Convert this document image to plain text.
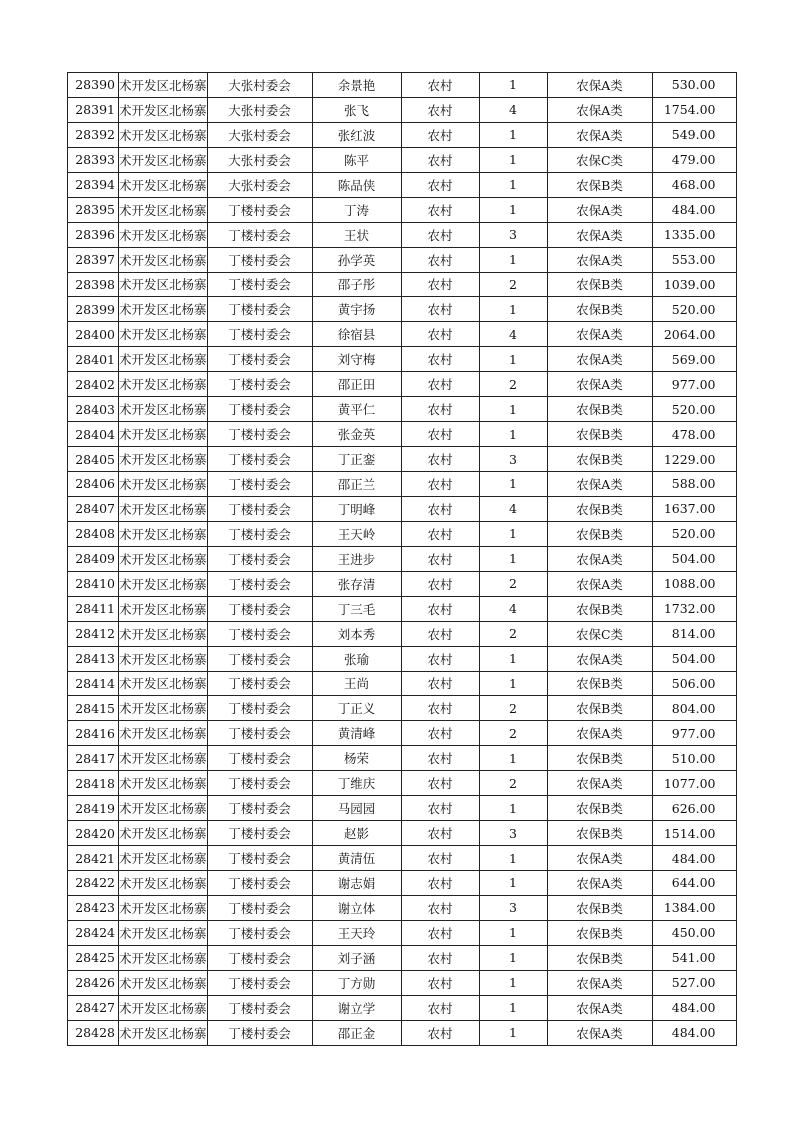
28390	术开发区北杨寨	大张村委会	余景艳	农村	1	农保A类	530.00
28391	术开发区北杨寨	大张村委会	张飞	农村	4	农保A类	1754.00
28392	术开发区北杨寨	大张村委会	张红波	农村	1	农保A类	549.00
28393	术开发区北杨寨	大张村委会	陈平	农村	1	农保C类	479.00
28394	术开发区北杨寨	大张村委会	陈品侠	农村	1	农保B类	468.00
28395	术开发区北杨寨	丁楼村委会	丁涛	农村	1	农保A类	484.00
28396	术开发区北杨寨	丁楼村委会	王状	农村	3	农保A类	1335.00
28397	术开发区北杨寨	丁楼村委会	孙学英	农村	1	农保A类	553.00
28398	术开发区北杨寨	丁楼村委会	邵子彤	农村	2	农保B类	1039.00
28399	术开发区北杨寨	丁楼村委会	黄宇扬	农村	1	农保B类	520.00
28400	术开发区北杨寨	丁楼村委会	徐宿县	农村	4	农保A类	2064.00
28401	术开发区北杨寨	丁楼村委会	刘守梅	农村	1	农保A类	569.00
28402	术开发区北杨寨	丁楼村委会	邵正田	农村	2	农保A类	977.00
28403	术开发区北杨寨	丁楼村委会	黄平仁	农村	1	农保B类	520.00
28404	术开发区北杨寨	丁楼村委会	张金英	农村	1	农保B类	478.00
28405	术开发区北杨寨	丁楼村委会	丁正銮	农村	3	农保B类	1229.00
28406	术开发区北杨寨	丁楼村委会	邵正兰	农村	1	农保A类	588.00
28407	术开发区北杨寨	丁楼村委会	丁明峰	农村	4	农保B类	1637.00
28408	术开发区北杨寨	丁楼村委会	王天岭	农村	1	农保B类	520.00
28409	术开发区北杨寨	丁楼村委会	王进步	农村	1	农保A类	504.00
28410	术开发区北杨寨	丁楼村委会	张存清	农村	2	农保A类	1088.00
28411	术开发区北杨寨	丁楼村委会	丁三毛	农村	4	农保B类	1732.00
28412	术开发区北杨寨	丁楼村委会	刘本秀	农村	2	农保C类	814.00
28413	术开发区北杨寨	丁楼村委会	张瑜	农村	1	农保A类	504.00
28414	术开发区北杨寨	丁楼村委会	王尚	农村	1	农保B类	506.00
28415	术开发区北杨寨	丁楼村委会	丁正义	农村	2	农保B类	804.00
28416	术开发区北杨寨	丁楼村委会	黄清峰	农村	2	农保A类	977.00
28417	术开发区北杨寨	丁楼村委会	杨荣	农村	1	农保B类	510.00
28418	术开发区北杨寨	丁楼村委会	丁维庆	农村	2	农保A类	1077.00
28419	术开发区北杨寨	丁楼村委会	马园园	农村	1	农保B类	626.00
28420	术开发区北杨寨	丁楼村委会	赵影	农村	3	农保B类	1514.00
28421	术开发区北杨寨	丁楼村委会	黄清伍	农村	1	农保A类	484.00
28422	术开发区北杨寨	丁楼村委会	谢志娟	农村	1	农保A类	644.00
28423	术开发区北杨寨	丁楼村委会	谢立体	农村	3	农保B类	1384.00
28424	术开发区北杨寨	丁楼村委会	王天玲	农村	1	农保B类	450.00
28425	术开发区北杨寨	丁楼村委会	刘子涵	农村	1	农保B类	541.00
28426	术开发区北杨寨	丁楼村委会	丁方勋	农村	1	农保A类	527.00
28427	术开发区北杨寨	丁楼村委会	谢立学	农村	1	农保A类	484.00
28428	术开发区北杨寨	丁楼村委会	邵正金	农村	1	农保A类	484.00
